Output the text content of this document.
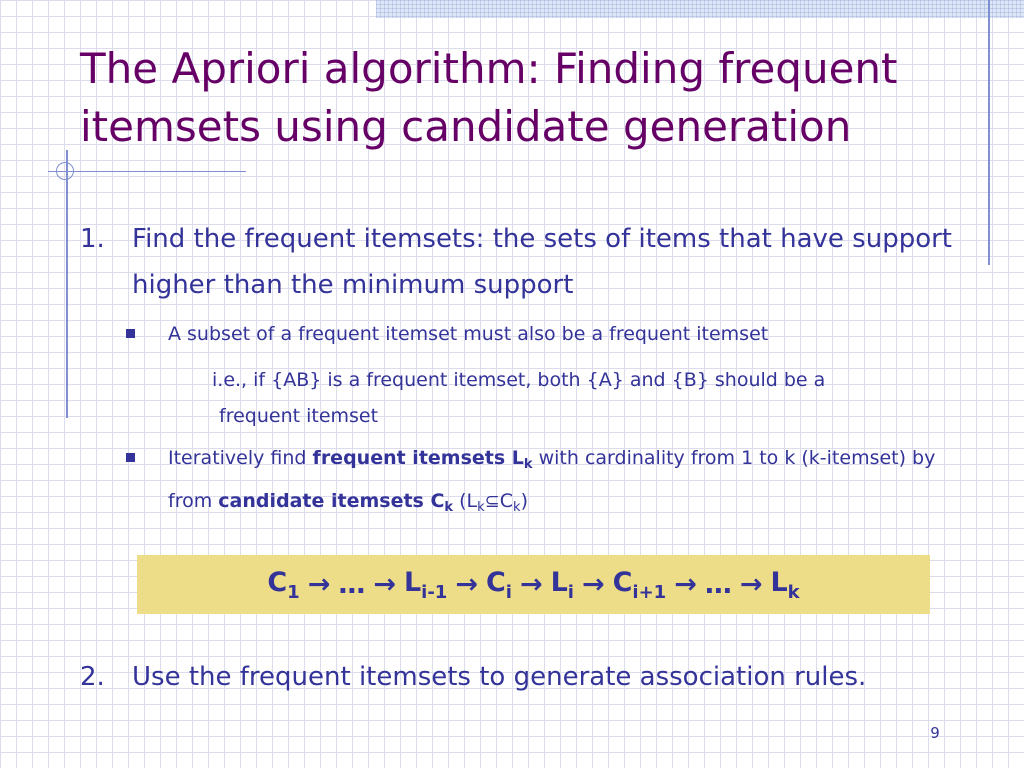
The Apriori algorithm: Finding frequent
itemsets using candidate generation
1.	Find the frequent itemsets: the sets of items that have support higher than the minimum support
A subset of a frequent itemset must also be a frequent itemset
i.e., if {AB} is a frequent itemset, both {A} and {B} should be a
frequent itemset
Iteratively find frequent itemsets $L_k$ with cardinality from 1 to k (k-itemset) by from candidate itemsets $C_k$ $(L_k⊆C_k)$
$C_1$ → … → $L_{i-1} \to C_i \to L_i \to C_{i+1}$ → … → $L_k$
2.	Use the frequent itemsets to generate association rules.
9
